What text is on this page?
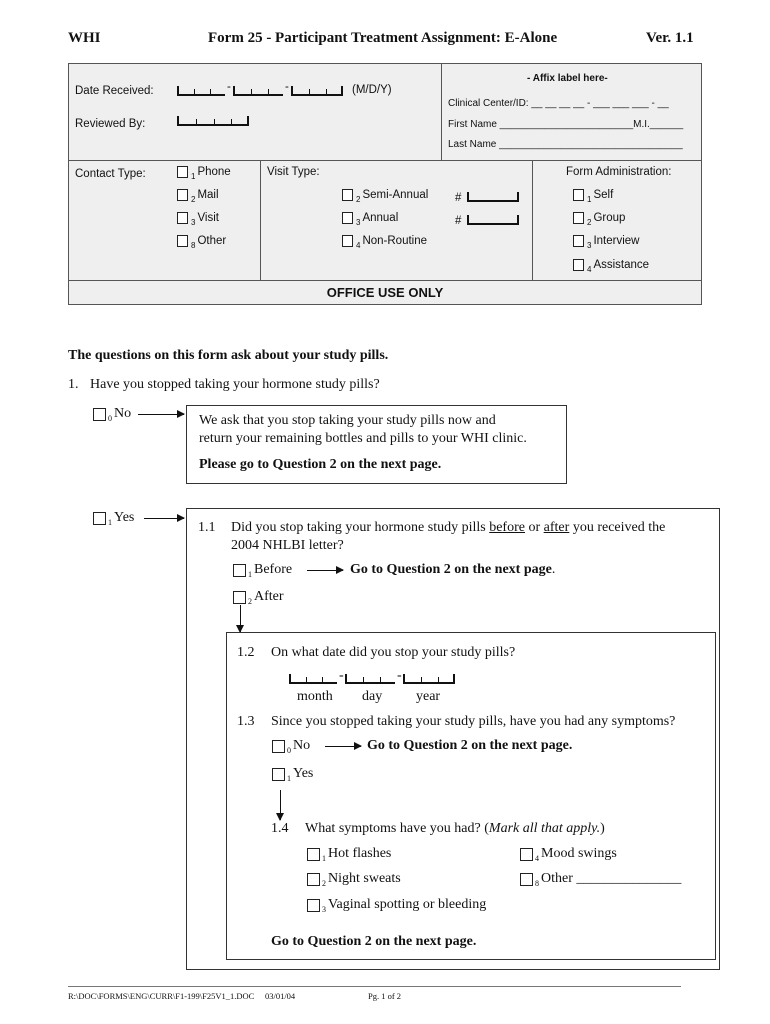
WHI	Form 25 - Participant Treatment Assignment: E-Alone	Ver. 1.1
Date Received:	-	-	(M/D/Y)
Reviewed By:
- Affix label here-
Clinical Center/ID: __ __ __ __ - ___ ___ ___ - __
First Name ________________________M.I.______
Last Name _________________________________
Contact Type:	$_1$ Phone
$_2$ Mail
$_3$ Visit
$_8$ Other
Visit Type:
$_2$ Semi-Annual
$_3$ Annual
$_4$ Non-Routine
#
#
Form Administration:
$_1$ Self
$_2$ Group
$_3$ Interview
$_4$ Assistance
OFFICE USE ONLY
The questions on this form ask about your study pills.
1. Have you stopped taking your hormone study pills?
$_0$ No	We ask that you stop taking your study pills now and
return your remaining bottles and pills to your WHI clinic.
Please go to Question 2 on the next page.
$_1$ Yes
1.1 Did you stop taking your hormone study pills before or after you received the
2004 NHLBI letter?
$_1$ Before	Go to Question 2 on the next page.
$_2$ After
1.2 On what date did you stop your study pills?
-	-
month day year
1.3 Since you stopped taking your study pills, have you had any symptoms?
$_0$ No	Go to Question 2 on the next page.
$_1$ Yes
1.4 What symptoms have you had? (Mark all that apply.)
$_1$ Hot flashes
$_2$ Night sweats
$_3$ Vaginal spotting or bleeding
$_4$ Mood swings
$_8$ Other _______________
Go to Question 2 on the next page.
R:\DOC\FORMS\ENG\CURR\F1-199\F25V1_1.DOC     03/01/04	Pg. 1 of 2
